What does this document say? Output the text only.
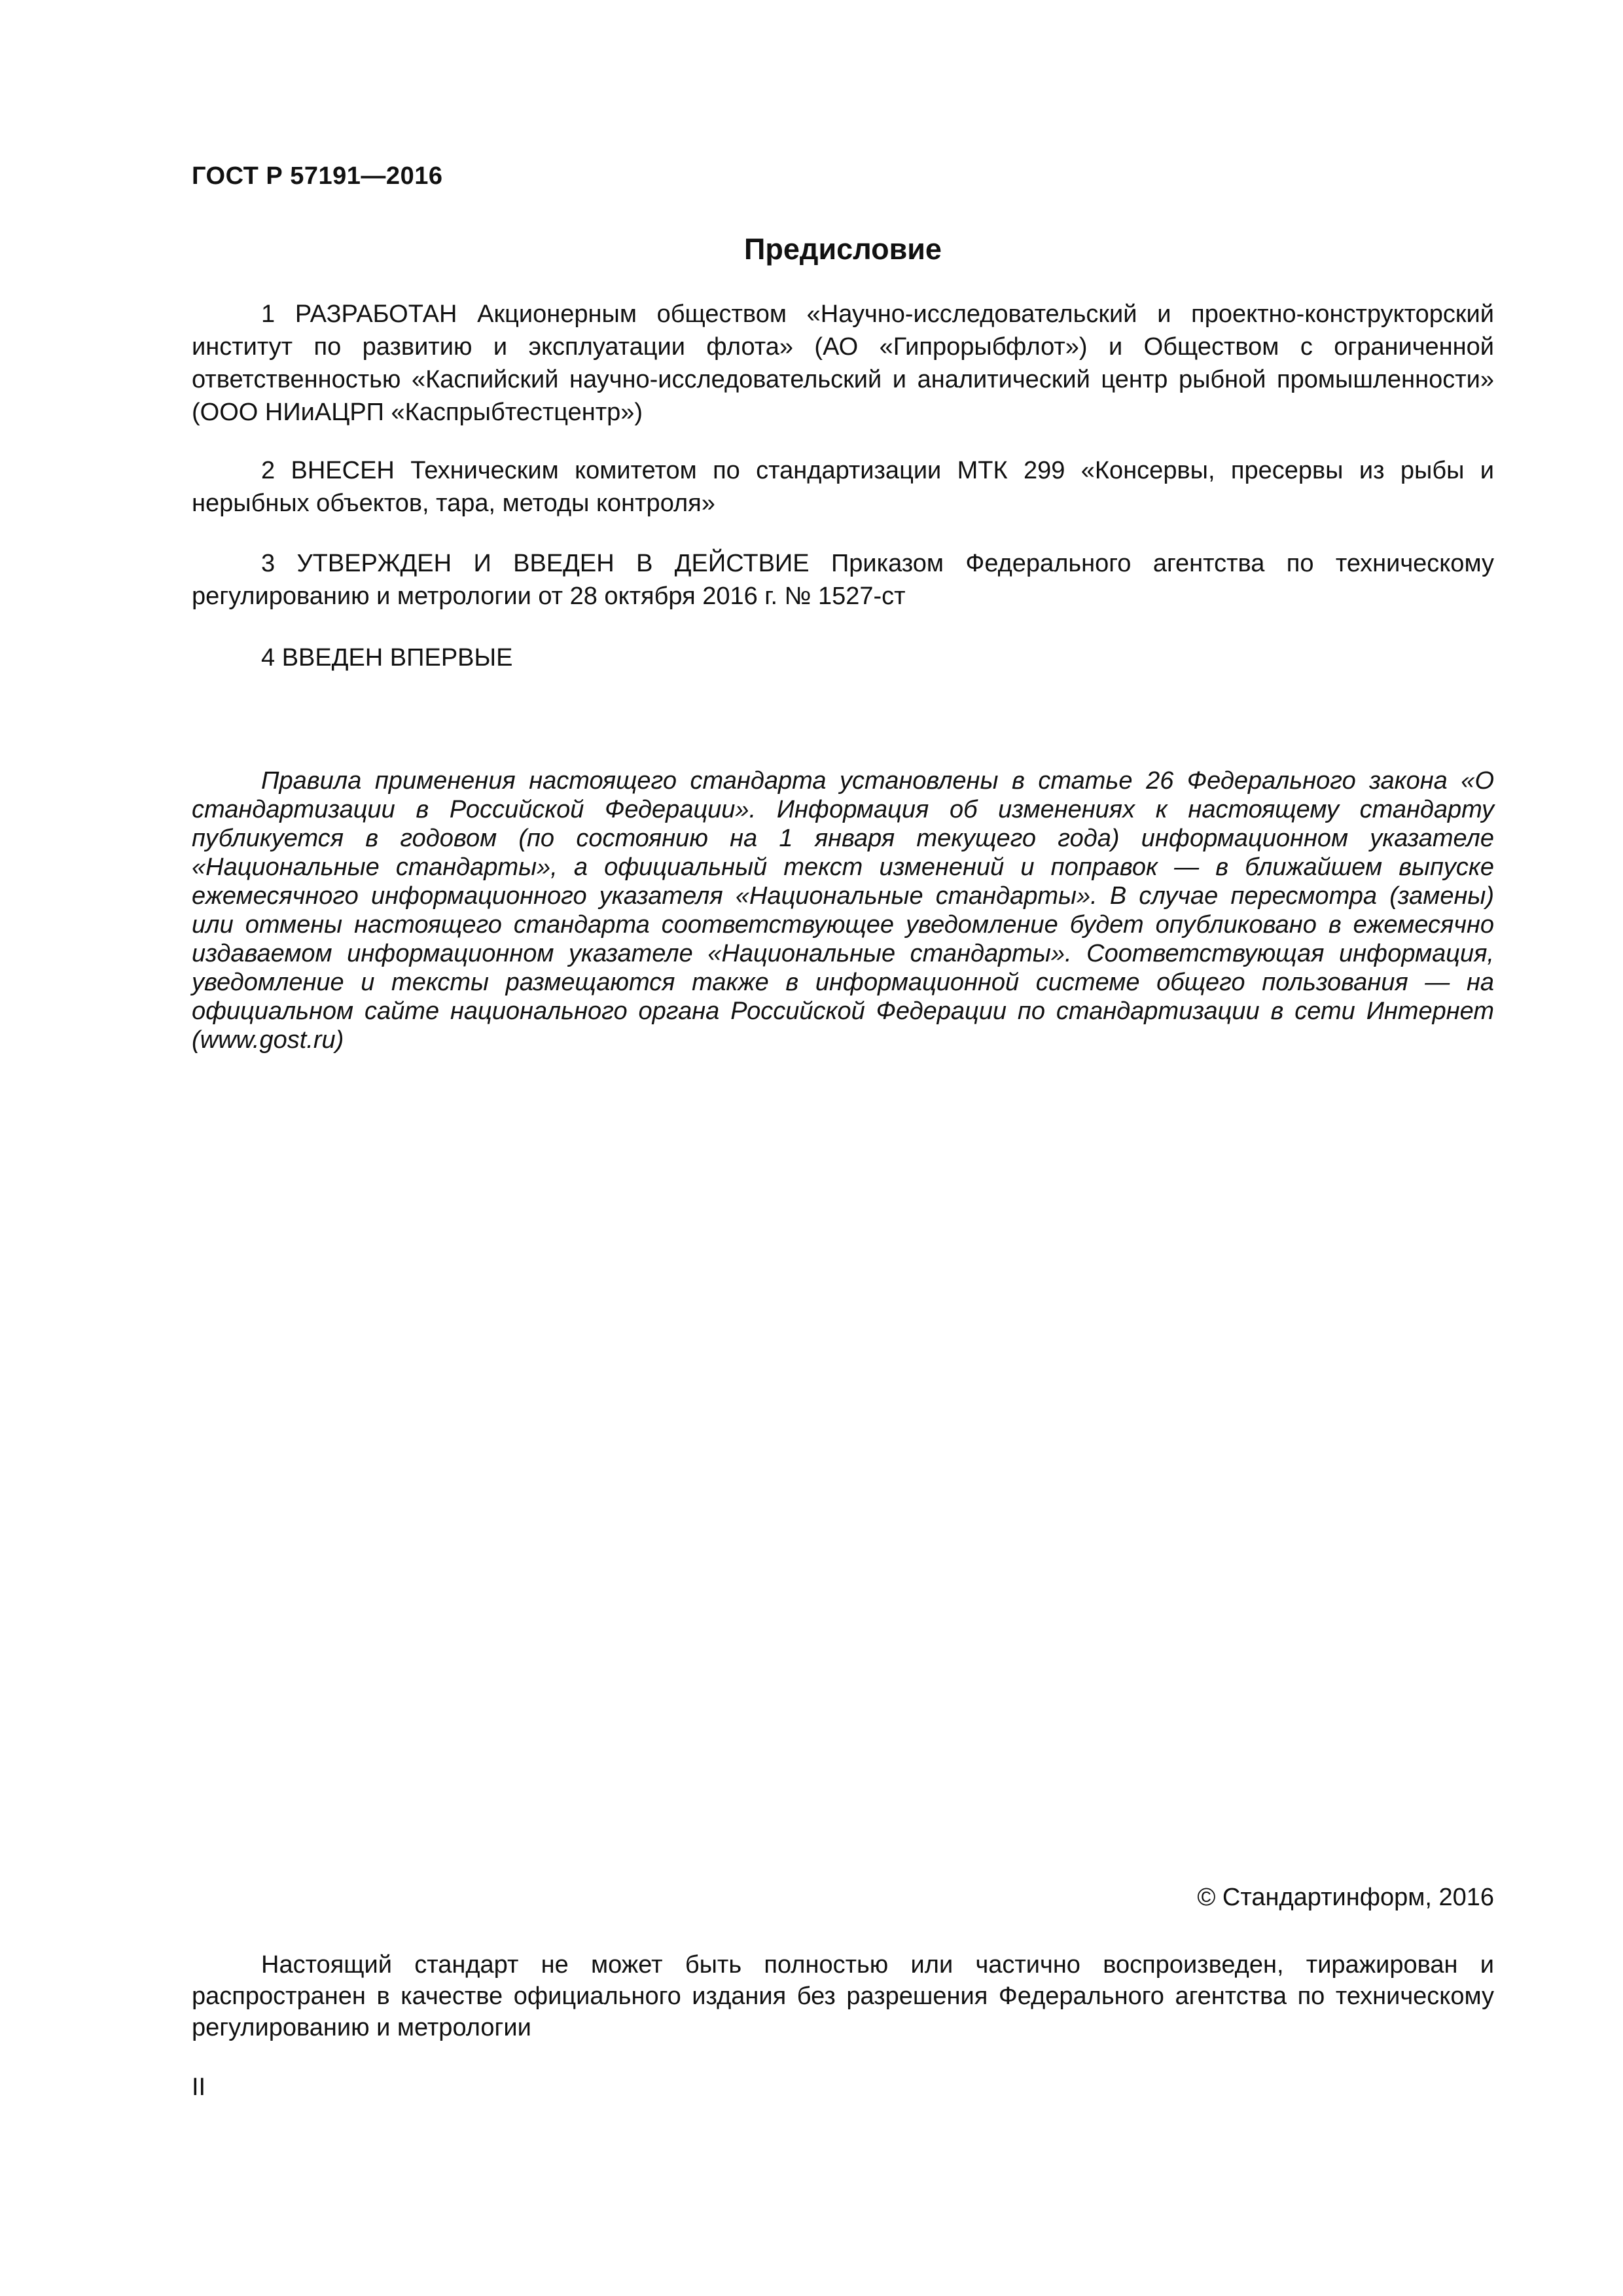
ГОСТ Р 57191—2016
Предисловие

1 РАЗРАБОТАН Акционерным обществом «Научно-исследовательский и проектно-конструкторский институт по развитию и эксплуатации флота» (АО «Гипрорыбфлот») и Обществом с ограниченной ответственностью «Каспийский научно-исследовательский и аналитический центр рыбной промышленности» (ООО НИиАЦРП «Каспрыбтестцентр»)

2 ВНЕСЕН Техническим комитетом по стандартизации МТК 299 «Консервы, пресервы из рыбы и нерыбных объектов, тара, методы контроля»

3 УТВЕРЖДЕН И ВВЕДЕН В ДЕЙСТВИЕ Приказом Федерального агентства по техническому регулированию и метрологии от 28 октября 2016 г. № 1527-ст

4 ВВЕДЕН ВПЕРВЫЕ

Правила применения настоящего стандарта установлены в статье 26 Федерального закона «О стандартизации в Российской Федерации». Информация об изменениях к настоящему стандарту публикуется в годовом (по состоянию на 1 января текущего года) информационном указателе «Национальные стандарты», а официальный текст изменений и поправок — в ближайшем выпуске ежемесячного информационного указателя «Национальные стандарты». В случае пересмотра (замены) или отмены настоящего стандарта соответствующее уведомление будет опубликовано в ежемесячно издаваемом информационном указателе «Национальные стандарты». Соответствующая информация, уведомление и тексты размещаются также в информационной системе общего пользования — на официальном сайте национального органа Российской Федерации по стандартизации в сети Интернет (www.gost.ru)

© Стандартинформ, 2016

Настоящий стандарт не может быть полностью или частично воспроизведен, тиражирован и распространен в качестве официального издания без разрешения Федерального агентства по техническому регулированию и метрологии

II
